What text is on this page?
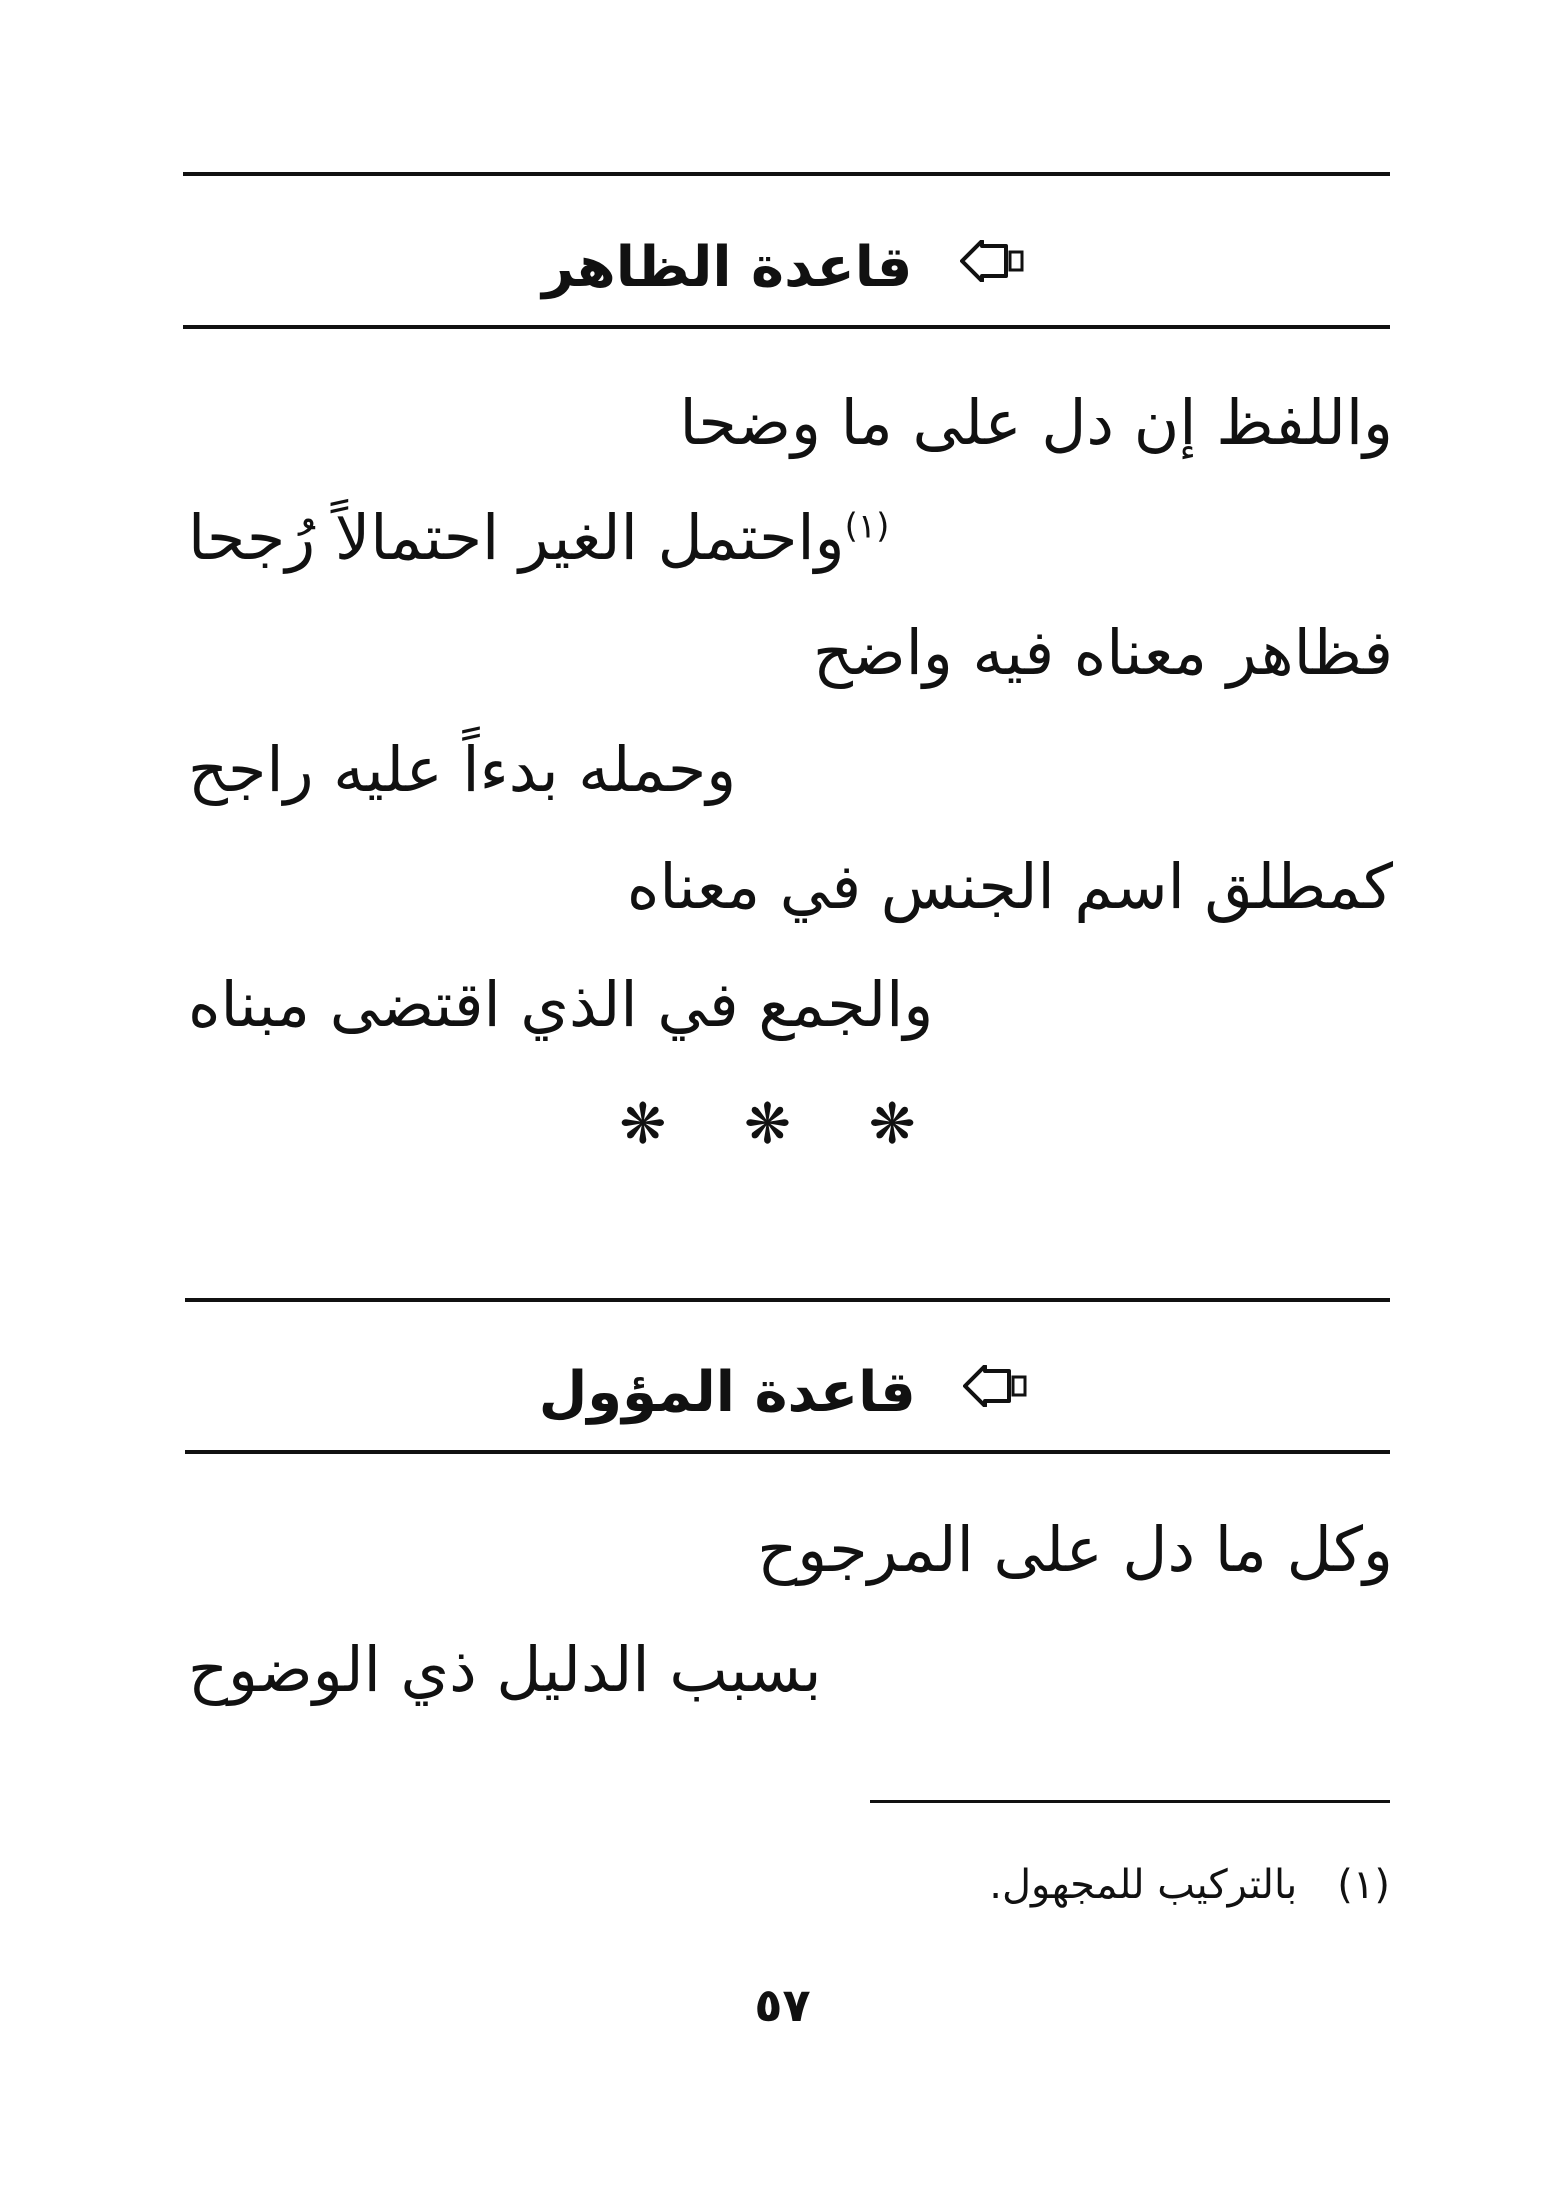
قاعدة الظاهر
واللفظ إن دل على ما وضحا
$^{(١)}$واحتمل الغير احتمالاً رُجحا
فظاهر معناه فيه واضح
وحمله بدءاً عليه راجح
كمطلق اسم الجنس في معناه
والجمع في الذي اقتضى مبناه
❋ ❋ ❋
قاعدة المؤول
وكل ما دل على المرجوح
بسبب الدليل ذي الوضوح
(١)بالتركيب للمجهول.
٥٧
